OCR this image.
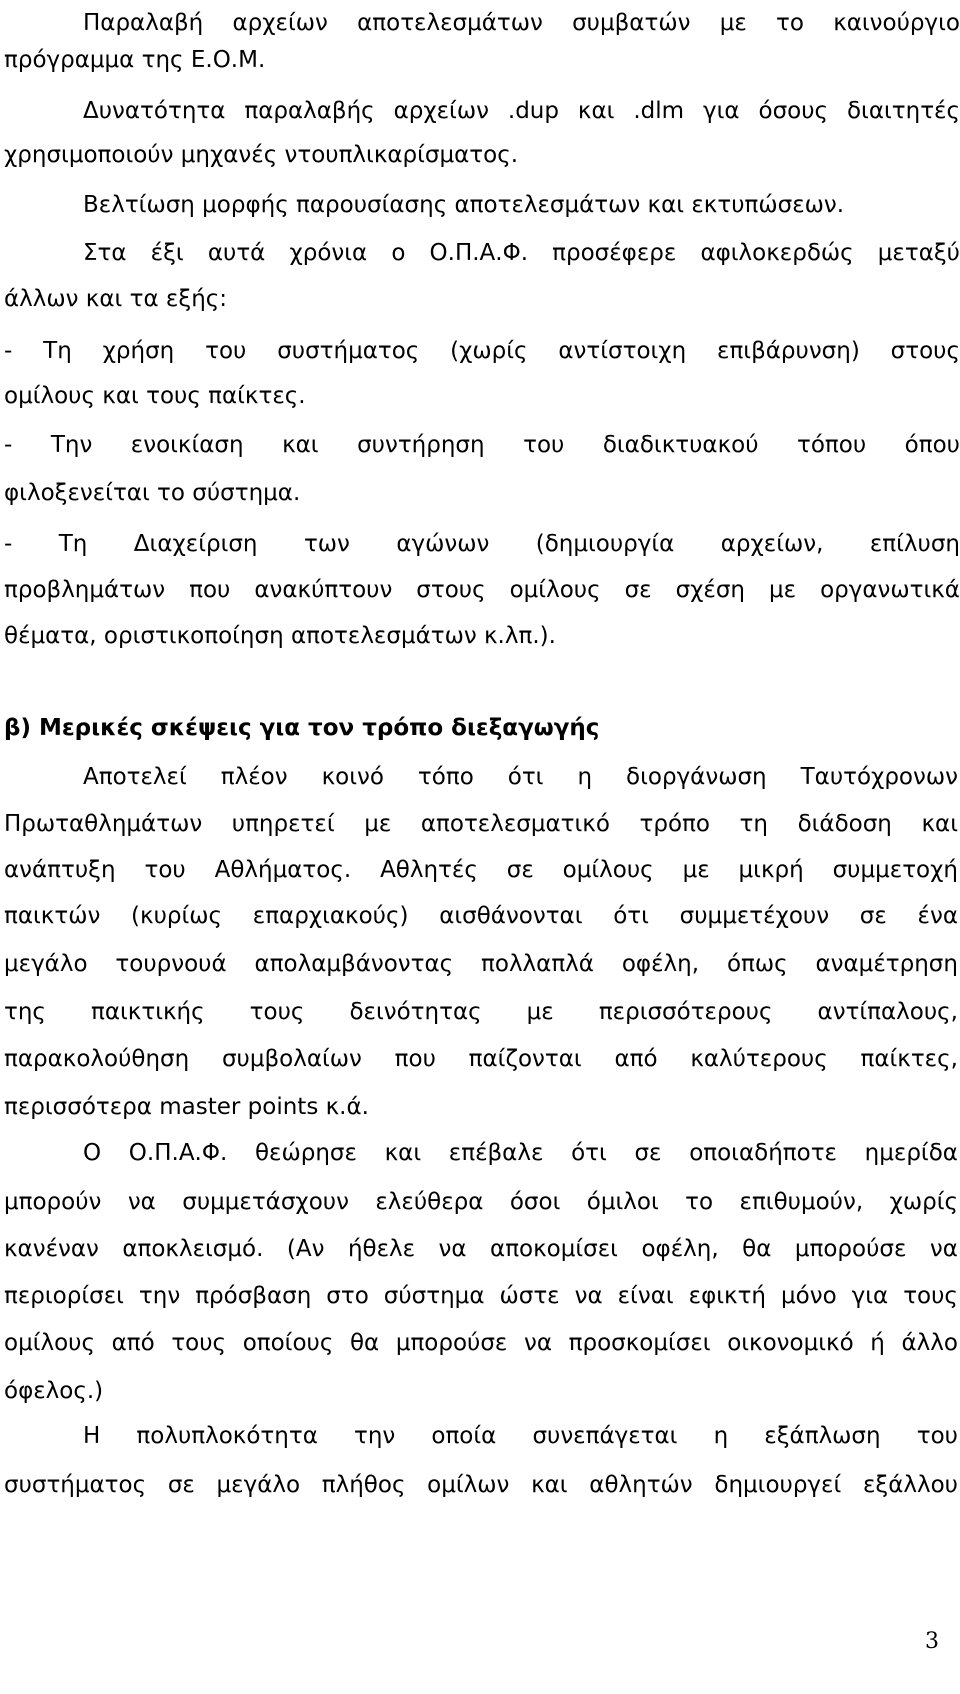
Παραλαβή αρχείων αποτελεσμάτων συμβατών με το καινούργιο
πρόγραμμα της Ε.Ο.Μ.
Δυνατότητα παραλαβής αρχείων .dup και .dlm για όσους διαιτητές
χρησιμοποιούν μηχανές ντουπλικαρίσματος.
Βελτίωση μορφής παρουσίασης αποτελεσμάτων και εκτυπώσεων.
Στα έξι αυτά χρόνια ο Ο.Π.Α.Φ. προσέφερε αφιλοκερδώς μεταξύ
άλλων και τα εξής:
- Τη χρήση του συστήματος (χωρίς αντίστοιχη επιβάρυνση) στους
ομίλους και τους παίκτες.
- Την ενοικίαση και συντήρηση του διαδικτυακού τόπου όπου
φιλοξενείται το σύστημα.
- Τη Διαχείριση των αγώνων (δημιουργία αρχείων, επίλυση
προβλημάτων που ανακύπτουν στους ομίλους σε σχέση με οργανωτικά
θέματα, οριστικοποίηση αποτελεσμάτων κ.λπ.).
β) Μερικές σκέψεις για τον τρόπο διεξαγωγής
Αποτελεί πλέον κοινό τόπο ότι η διοργάνωση Ταυτόχρονων
Πρωταθλημάτων υπηρετεί με αποτελεσματικό τρόπο τη διάδοση και
ανάπτυξη του Αθλήματος. Αθλητές σε ομίλους με μικρή συμμετοχή
παικτών (κυρίως επαρχιακούς) αισθάνονται ότι συμμετέχουν σε ένα
μεγάλο τουρνουά απολαμβάνοντας πολλαπλά οφέλη, όπως αναμέτρηση
της παικτικής τους δεινότητας με περισσότερους αντίπαλους,
παρακολούθηση συμβολαίων που παίζονται από καλύτερους παίκτες,
περισσότερα master points κ.ά.
Ο Ο.Π.Α.Φ. θεώρησε και επέβαλε ότι σε οποιαδήποτε ημερίδα
μπορούν να συμμετάσχουν ελεύθερα όσοι όμιλοι το επιθυμούν, χωρίς
κανέναν αποκλεισμό. (Αν ήθελε να αποκομίσει οφέλη, θα μπορούσε να
περιορίσει την πρόσβαση στο σύστημα ώστε να είναι εφικτή μόνο για τους
ομίλους από τους οποίους θα μπορούσε να προσκομίσει οικονομικό ή άλλο
όφελος.)
Η πολυπλοκότητα την οποία συνεπάγεται η εξάπλωση του
συστήματος σε μεγάλο πλήθος ομίλων και αθλητών δημιουργεί εξάλλου
3
